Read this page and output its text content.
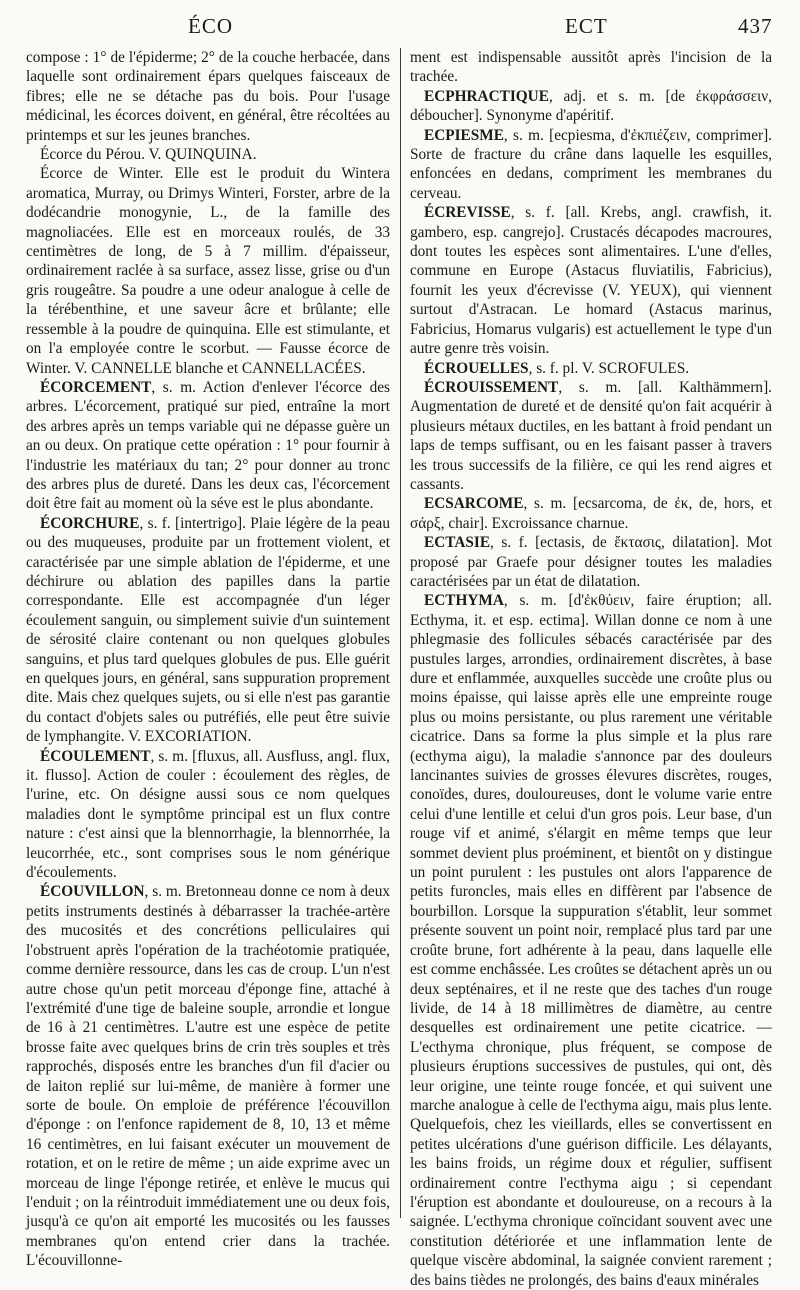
ÉCO	ECT	437

compose : 1° de l'épiderme; 2° de la couche herbacée, dans laquelle sont ordinairement épars quelques faisceaux de fibres; elle ne se détache pas du bois. Pour l'usage médicinal, les écorces doivent, en général, être récoltées au printemps et sur les jeunes branches.

Écorce du Pérou. V. QUINQUINA.

Écorce de Winter. Elle est le produit du Wintera aromatica, Murray, ou Drimys Winteri, Forster, arbre de la dodécandrie monogynie, L., de la famille des magnoliacées. Elle est en morceaux roulés, de 33 centimètres de long, de 5 à 7 millim. d'épaisseur, ordinairement raclée à sa surface, assez lisse, grise ou d'un gris rougeâtre. Sa poudre a une odeur analogue à celle de la térébenthine, et une saveur âcre et brûlante; elle ressemble à la poudre de quinquina. Elle est stimulante, et on l'a employée contre le scorbut. — Fausse écorce de Winter. V. CANNELLE blanche et CANNELLACÉES.

ÉCORCEMENT, s. m. Action d'enlever l'écorce des arbres. L'écorcement, pratiqué sur pied, entraîne la mort des arbres après un temps variable qui ne dépasse guère un an ou deux. On pratique cette opération : 1° pour fournir à l'industrie les matériaux du tan; 2° pour donner au tronc des arbres plus de dureté. Dans les deux cas, l'écorcement doit être fait au moment où la séve est le plus abondante.

ÉCORCHURE, s. f. [intertrigo]. Plaie légère de la peau ou des muqueuses, produite par un frottement violent, et caractérisée par une simple ablation de l'épiderme, et une déchirure ou ablation des papilles dans la partie correspondante. Elle est accompagnée d'un léger écoulement sanguin, ou simplement suivie d'un suintement de sérosité claire contenant ou non quelques globules sanguins, et plus tard quelques globules de pus. Elle guérit en quelques jours, en général, sans suppuration proprement dite. Mais chez quelques sujets, ou si elle n'est pas garantie du contact d'objets sales ou putréfiés, elle peut être suivie de lymphangite. V. EXCORIATION.

ÉCOULEMENT, s. m. [fluxus, all. Ausfluss, angl. flux, it. flusso]. Action de couler : écoulement des règles, de l'urine, etc. On désigne aussi sous ce nom quelques maladies dont le symptôme principal est un flux contre nature : c'est ainsi que la blennorrhagie, la blennorrhée, la leucorrhée, etc., sont comprises sous le nom générique d'écoulements.

ÉCOUVILLON, s. m. Bretonneau donne ce nom à deux petits instruments destinés à débarrasser la trachée-artère des mucosités et des concrétions pelliculaires qui l'obstruent après l'opération de la trachéotomie pratiquée, comme dernière ressource, dans les cas de croup. L'un n'est autre chose qu'un petit morceau d'éponge fine, attaché à l'extrémité d'une tige de baleine souple, arrondie et longue de 16 à 21 centimètres. L'autre est une espèce de petite brosse faite avec quelques brins de crin très souples et très rapprochés, disposés entre les branches d'un fil d'acier ou de laiton replié sur lui-même, de manière à former une sorte de boule. On emploie de préférence l'écouvillon d'éponge : on l'enfonce rapidement de 8, 10, 13 et même 16 centimètres, en lui faisant exécuter un mouvement de rotation, et on le retire de même ; un aide exprime avec un morceau de linge l'éponge retirée, et enlève le mucus qui l'enduit ; on la réintroduit immédiatement une ou deux fois, jusqu'à ce qu'on ait emporté les mucosités ou les fausses membranes qu'on entend crier dans la trachée. L'écouvillonne-

ment est indispensable aussitôt après l'incision de la trachée.

ECPHRACTIQUE, adj. et s. m. [de ἐκφράσσειν, déboucher]. Synonyme d'apéritif.

ECPIESME, s. m. [ecpiesma, d'ἐκπιέζειν, comprimer]. Sorte de fracture du crâne dans laquelle les esquilles, enfoncées en dedans, compriment les membranes du cerveau.

ÉCREVISSE, s. f. [all. Krebs, angl. crawfish, it. gambero, esp. cangrejo]. Crustacés décapodes macroures, dont toutes les espèces sont alimentaires. L'une d'elles, commune en Europe (Astacus fluviatilis, Fabricius), fournit les yeux d'écrevisse (V. YEUX), qui viennent surtout d'Astracan. Le homard (Astacus marinus, Fabricius, Homarus vulgaris) est actuellement le type d'un autre genre très voisin.

ÉCROUELLES, s. f. pl. V. SCROFULES.

ÉCROUISSEMENT, s. m. [all. Kalthämmern]. Augmentation de dureté et de densité qu'on fait acquérir à plusieurs métaux ductiles, en les battant à froid pendant un laps de temps suffisant, ou en les faisant passer à travers les trous successifs de la filière, ce qui les rend aigres et cassants.

ECSARCOME, s. m. [ecsarcoma, de ἐκ, de, hors, et σάρξ, chair]. Excroissance charnue.

ECTASIE, s. f. [ectasis, de ἔκτασις, dilatation]. Mot proposé par Graefe pour désigner toutes les maladies caractérisées par un état de dilatation.

ECTHYMA, s. m. [d'ἐκθύειν, faire éruption; all. Ecthyma, it. et esp. ectima]. Willan donne ce nom à une phlegmasie des follicules sébacés caractérisée par des pustules larges, arrondies, ordinairement discrètes, à base dure et enflammée, auxquelles succède une croûte plus ou moins épaisse, qui laisse après elle une empreinte rouge plus ou moins persistante, ou plus rarement une véritable cicatrice. Dans sa forme la plus simple et la plus rare (ecthyma aigu), la maladie s'annonce par des douleurs lancinantes suivies de grosses élevures discrètes, rouges, conoïdes, dures, douloureuses, dont le volume varie entre celui d'une lentille et celui d'un gros pois. Leur base, d'un rouge vif et animé, s'élargit en même temps que leur sommet devient plus proéminent, et bientôt on y distingue un point purulent : les pustules ont alors l'apparence de petits furoncles, mais elles en diffèrent par l'absence de bourbillon. Lorsque la suppuration s'établit, leur sommet présente souvent un point noir, remplacé plus tard par une croûte brune, fort adhérente à la peau, dans laquelle elle est comme enchâssée. Les croûtes se détachent après un ou deux septénaires, et il ne reste que des taches d'un rouge livide, de 14 à 18 millimètres de diamètre, au centre desquelles est ordinairement une petite cicatrice. — L'ecthyma chronique, plus fréquent, se compose de plusieurs éruptions successives de pustules, qui ont, dès leur origine, une teinte rouge foncée, et qui suivent une marche analogue à celle de l'ecthyma aigu, mais plus lente. Quelquefois, chez les vieillards, elles se convertissent en petites ulcérations d'une guérison difficile. Les délayants, les bains froids, un régime doux et régulier, suffisent ordinairement contre l'ecthyma aigu ; si cependant l'éruption est abondante et douloureuse, on a recours à la saignée. L'ecthyma chronique coïncidant souvent avec une constitution détériorée et une inflammation lente de quelque viscère abdominal, la saignée convient rarement ; des bains tièdes ne prolongés, des bains d'eaux minérales
